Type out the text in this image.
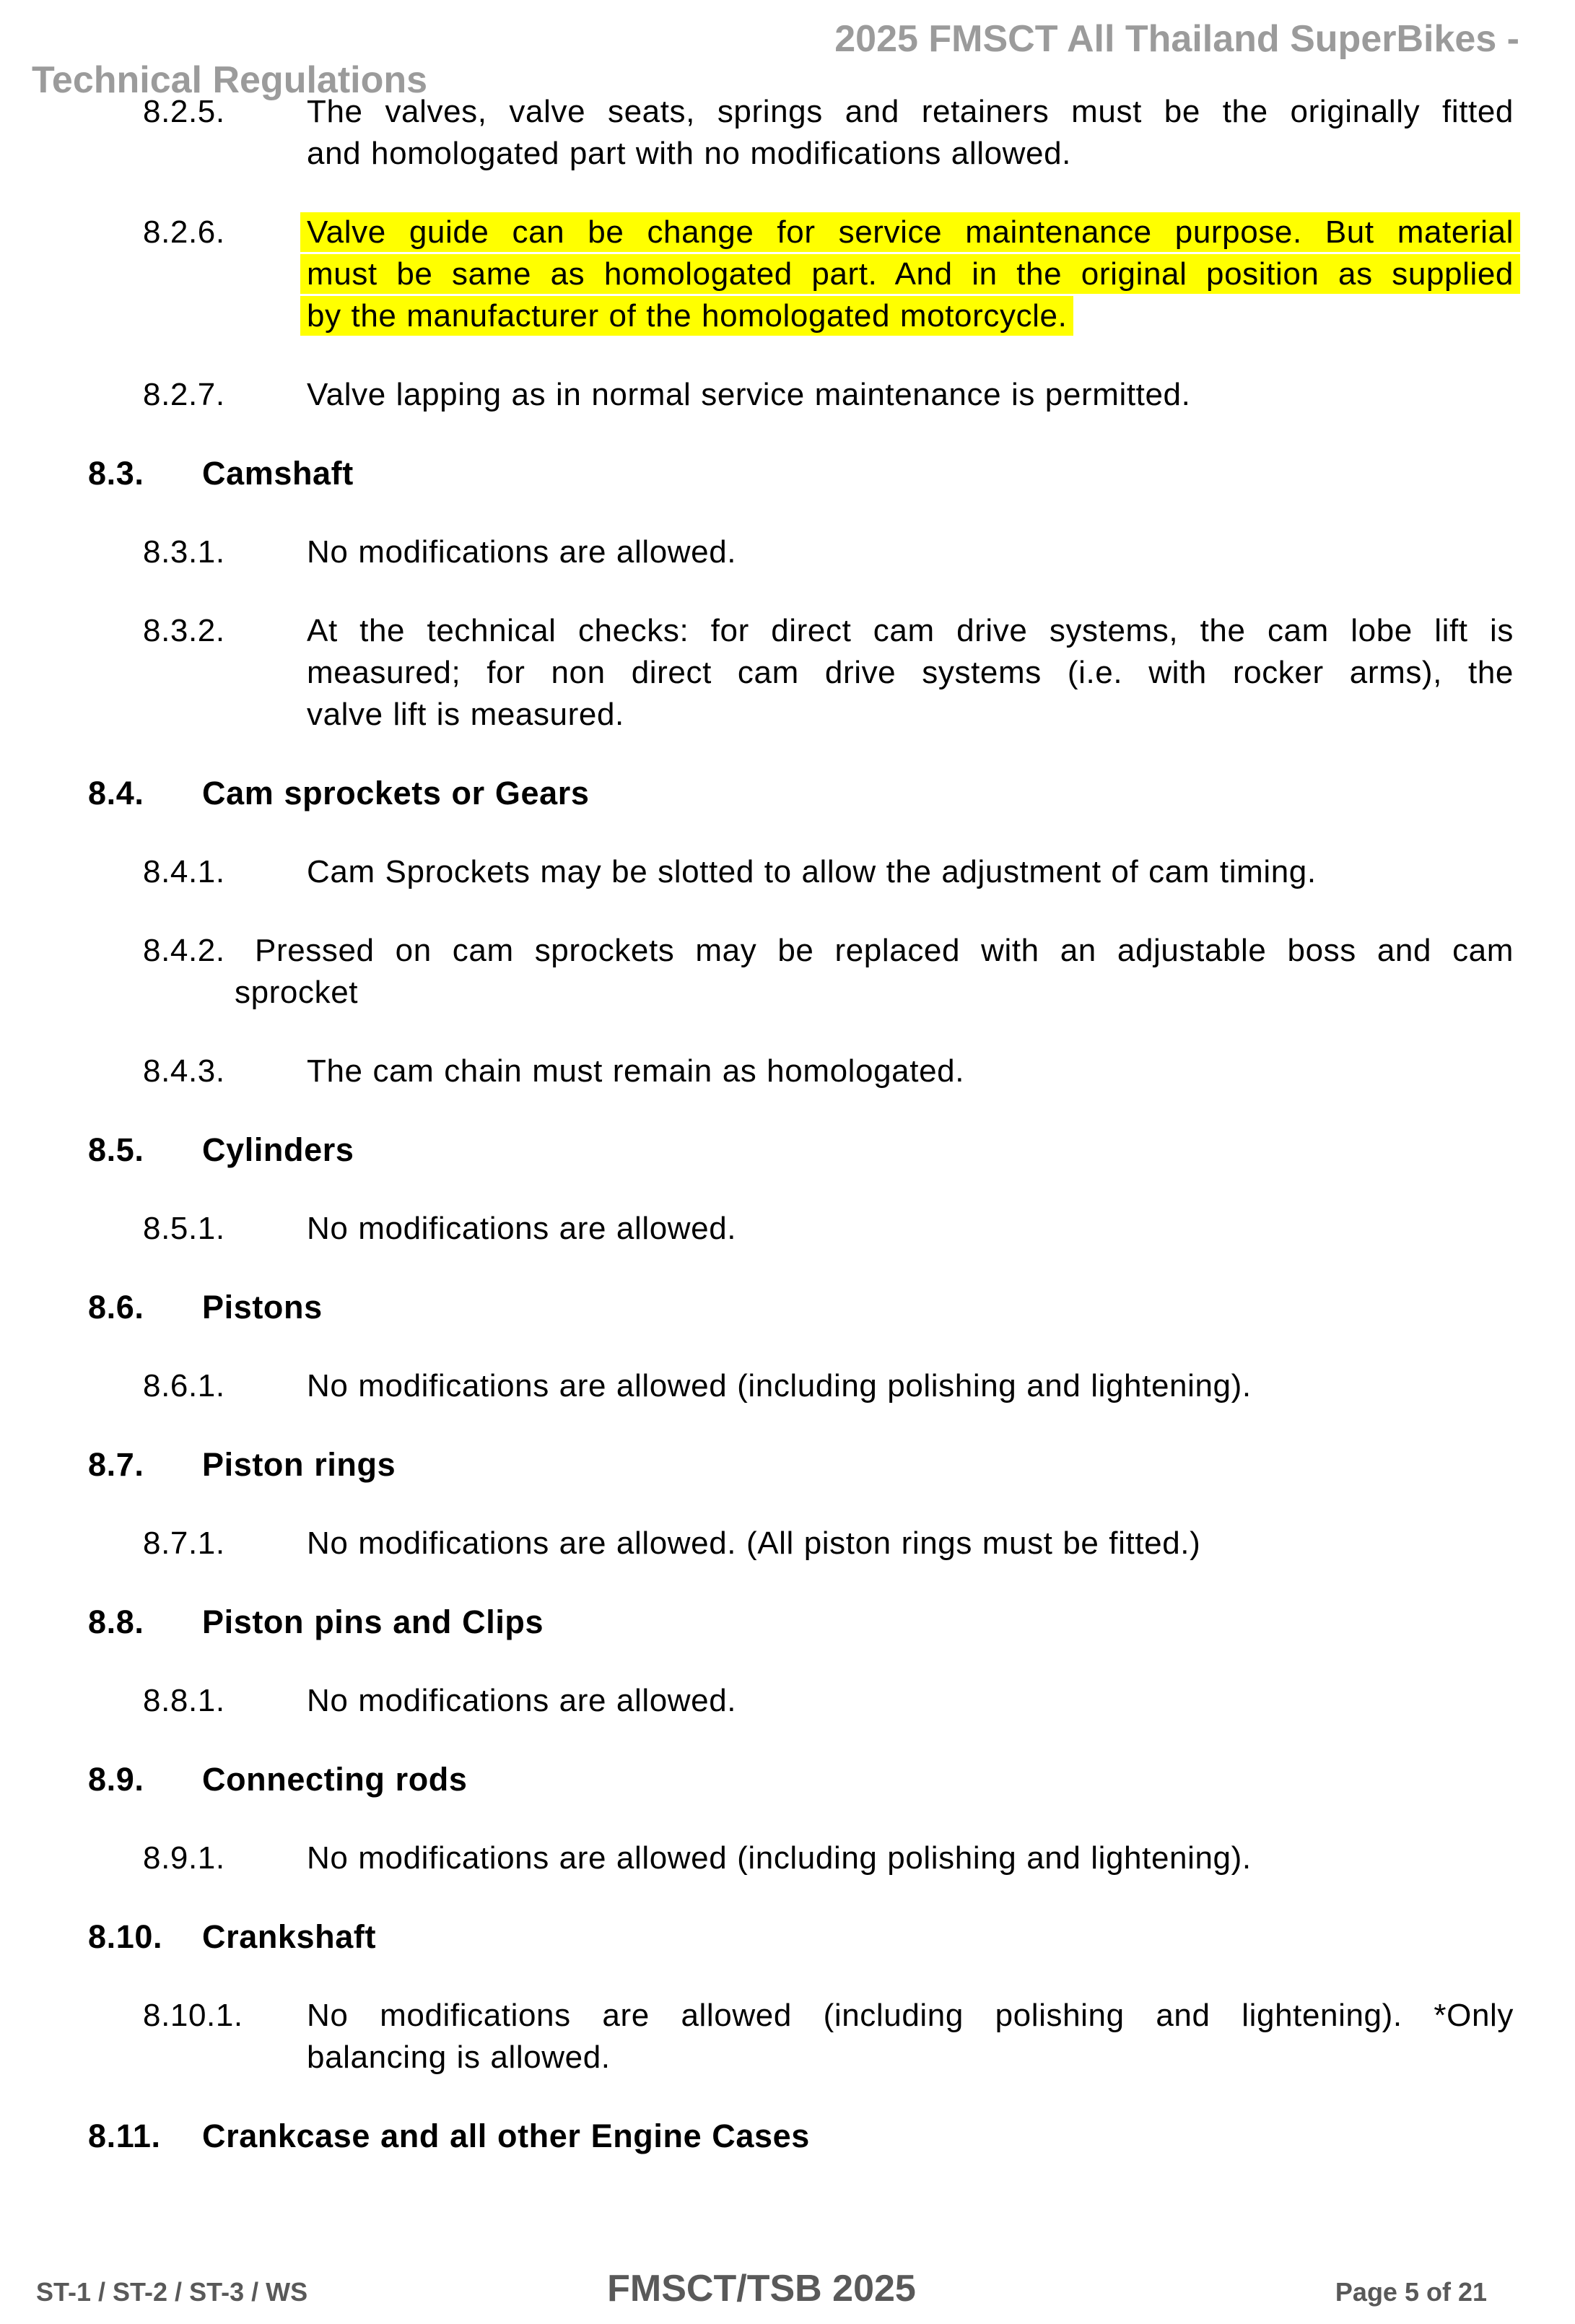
2025 FMSCT All Thailand SuperBikes -
Technical Regulations
8.2.5.	The valves, valve seats, springs and retainers must be the originally fitted
and homologated part with no modifications allowed.
8.2.6.	Valve guide can be change for service maintenance purpose. But material
must be same as homologated part. And in the original position as supplied
by the manufacturer of the homologated motorcycle.
8.2.7.	Valve lapping as in normal service maintenance is permitted.
8.3.	Camshaft
8.3.1.	No modifications are allowed.
8.3.2.	At the technical checks: for direct cam drive systems, the cam lobe lift is
measured; for non direct cam drive systems (i.e. with rocker arms), the
valve lift is measured.
8.4.	Cam sprockets or Gears
8.4.1.	Cam Sprockets may be slotted to allow the adjustment of cam timing.
8.4.2. Pressed on cam sprockets may be replaced with an adjustable boss and cam
sprocket
8.4.3.	The cam chain must remain as homologated.
8.5.	Cylinders
8.5.1.	No modifications are allowed.
8.6.	Pistons
8.6.1.	No modifications are allowed (including polishing and lightening).
8.7.	Piston rings
8.7.1.	No modifications are allowed. (All piston rings must be fitted.)
8.8.	Piston pins and Clips
8.8.1.	No modifications are allowed.
8.9.	Connecting rods
8.9.1.	No modifications are allowed (including polishing and lightening).
8.10.	Crankshaft
8.10.1.	No modifications are allowed (including polishing and lightening). *Only
balancing is allowed.
8.11.	Crankcase and all other Engine Cases
ST-1 / ST-2 / ST-3 / WS	FMSCT/TSB 2025	Page 5 of 21
